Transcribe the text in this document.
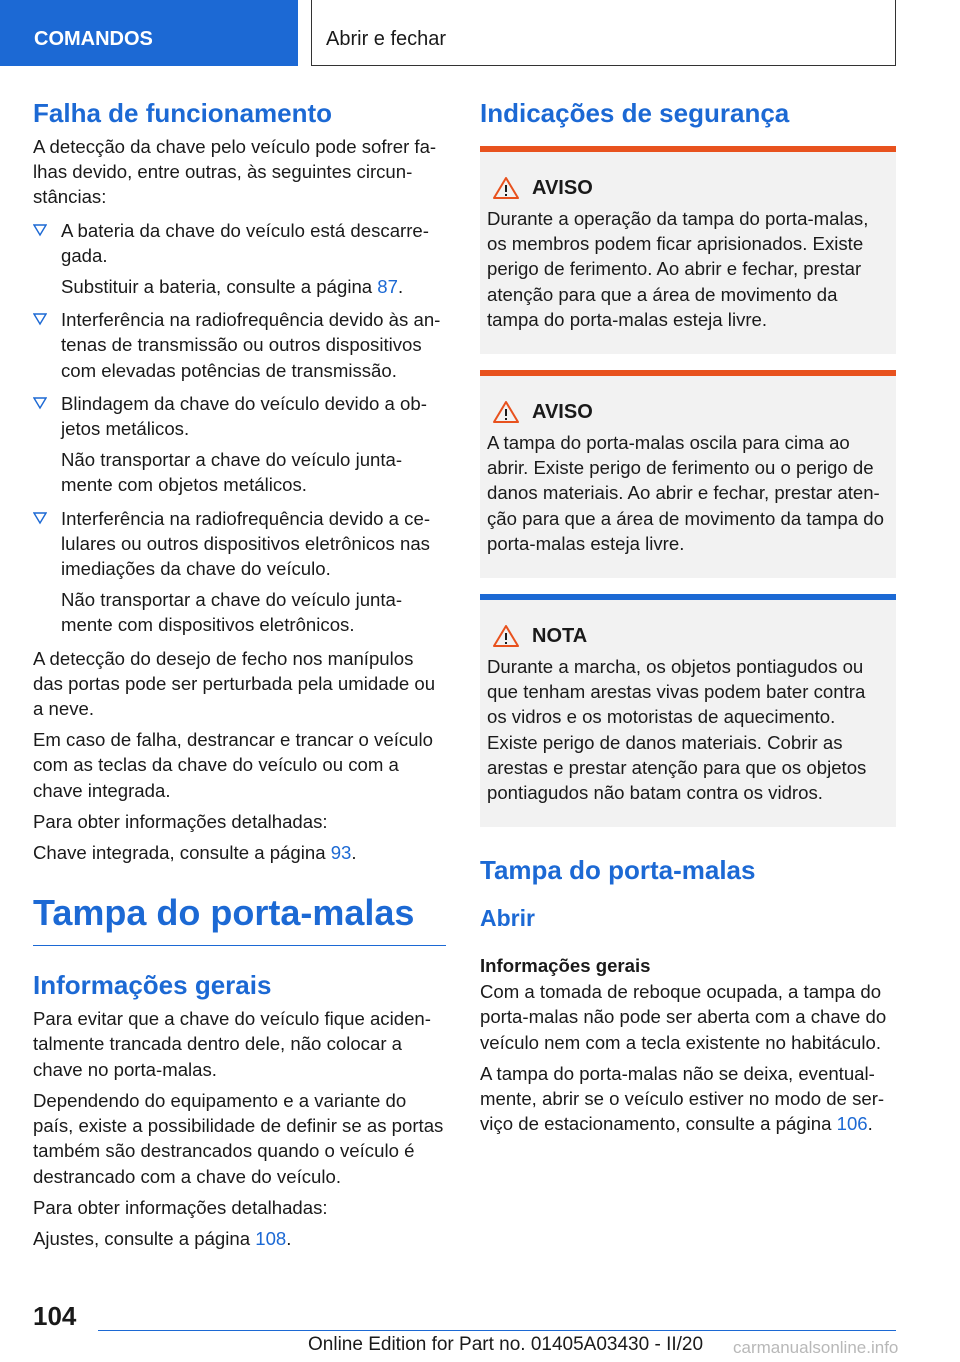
COMANDOS	Abrir e fechar
Falha de funcionamento

A detecção da chave pelo veículo pode sofrer fa-lhas devido, entre outras, às seguintes circun-stâncias:

A bateria da chave do veículo está descarre-gada.

Substituir a bateria, consulte a página 87.

Interferência na radiofrequência devido às an-tenas de transmissão ou outros dispositivos com elevadas potências de transmissão.

Blindagem da chave do veículo devido a ob-jetos metálicos.

Não transportar a chave do veículo junta-mente com objetos metálicos.

Interferência na radiofrequência devido a ce-lulares ou outros dispositivos eletrônicos nas imediações da chave do veículo.

Não transportar a chave do veículo junta-mente com dispositivos eletrônicos.

A detecção do desejo de fecho nos manípulos das portas pode ser perturbada pela umidade ou a neve.

Em caso de falha, destrancar e trancar o veículo com as teclas da chave do veículo ou com a chave integrada.

Para obter informações detalhadas:

Chave integrada, consulte a página 93.

Tampa do porta-malas
Informações gerais

Para evitar que a chave do veículo fique aciden-talmente trancada dentro dele, não colocar a chave no porta-malas.

Dependendo do equipamento e a variante do país, existe a possibilidade de definir se as portas também são destrancados quando o veículo é destrancado com a chave do veículo.

Para obter informações detalhadas:

Ajustes, consulte a página 108.

Indicações de segurança
AVISO

Durante a operação da tampa do porta-malas, os membros podem ficar aprisionados. Existe perigo de ferimento. Ao abrir e fechar, prestar atenção para que a área de movimento da tampa do porta-malas esteja livre.

AVISO

A tampa do porta-malas oscila para cima ao abrir. Existe perigo de ferimento ou o perigo de danos materiais. Ao abrir e fechar, prestar aten-ção para que a área de movimento da tampa do porta-malas esteja livre.

NOTA

Durante a marcha, os objetos pontiagudos ou que tenham arestas vivas podem bater contra os vidros e os motoristas de aquecimento. Existe perigo de danos materiais. Cobrir as arestas e prestar atenção para que os objetos pontiagudos não batam contra os vidros.

Tampa do porta-malas
Abrir
Informações gerais

Com a tomada de reboque ocupada, a tampa do porta-malas não pode ser aberta com a chave do veículo nem com a tecla existente no habitáculo.

A tampa do porta-malas não se deixa, eventual-mente, abrir se o veículo estiver no modo de ser-viço de estacionamento, consulte a página 106.

104
Online Edition for Part no. 01405A03430 - II/20 carmanualsonline.info
